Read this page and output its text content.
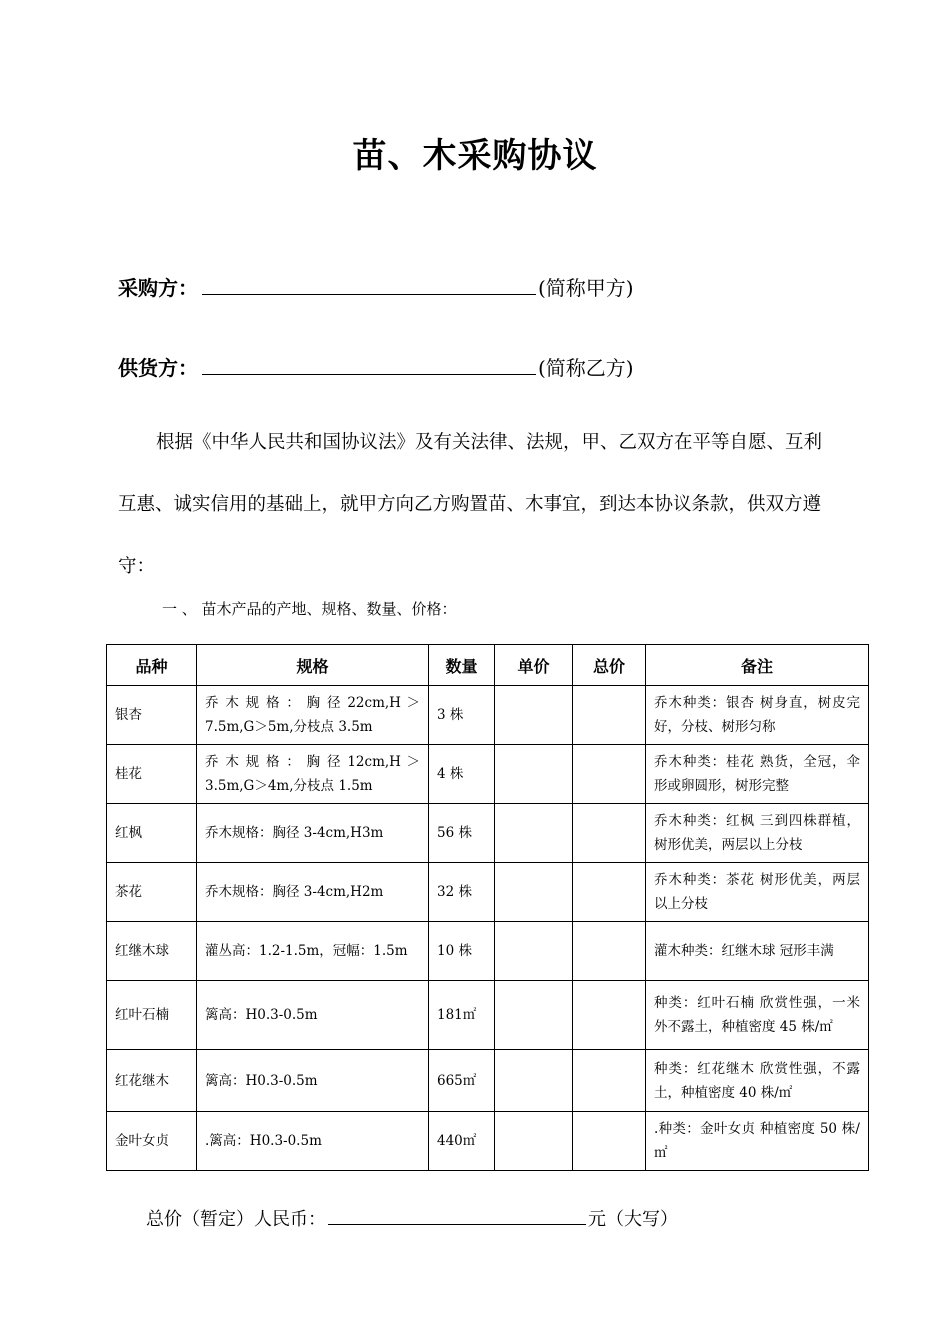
苗、木采购协议
采购方：	(简称甲方)
供货方：	(简称乙方)
根据《中华人民共和国协议法》及有关法律、法规，甲、乙双方在平等自愿、互利
互惠、诚实信用的基础上，就甲方向乙方购置苗、木事宜，到达本协议条款，供双方遵
守：
一 、 苗木产品的产地、规格、数量、价格：
品种	规格	数量	单价	总价	备注
银杏	乔 木 规 格 ： 胸 径 22cm,H ＞7.5m,G＞5m,分枝点 3.5m	3 株			乔木种类：银杏 树身直，树皮完好，分枝、树形匀称
桂花	乔 木 规 格 ： 胸 径 12cm,H ＞3.5m,G＞4m,分枝点 1.5m	4 株			乔木种类：桂花 熟货，全冠，伞形或卵圆形，树形完整
红枫	乔木规格：胸径 3-4cm,H3m	56 株			乔木种类：红枫 三到四株群植，树形优美，两层以上分枝
茶花	乔木规格：胸径 3-4cm,H2m	32 株			乔木种类：茶花 树形优美，两层以上分枝
红继木球	灌丛高：1.2-1.5m，冠幅：1.5m	10 株			灌木种类：红继木球 冠形丰满
红叶石楠	篱高：H0.3-0.5m	181㎡			种类：红叶石楠 欣赏性强，一米外不露土，种植密度 45 株/㎡
红花继木	篱高：H0.3-0.5m	665㎡			种类：红花继木 欣赏性强，不露土，种植密度 40 株/㎡
金叶女贞	.篱高：H0.3-0.5m	440㎡			.种类：金叶女贞 种植密度 50 株/㎡
总价（暂定）人民币：	元（大写）
